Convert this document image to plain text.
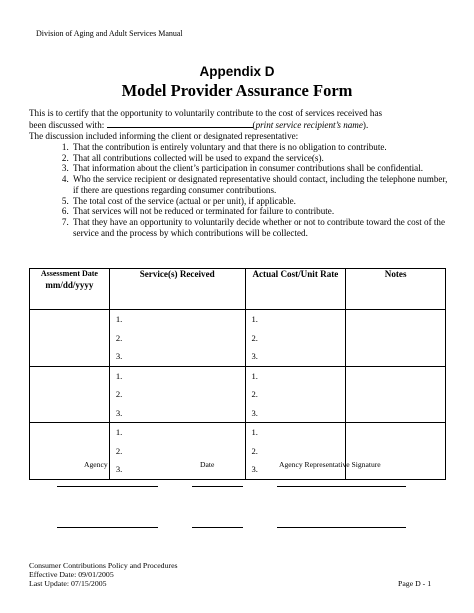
Division of Aging and Adult Services Manual
Appendix D
Model Provider Assurance Form
This is to certify that the opportunity to voluntarily contribute to the cost of services received has
been discussed with:	(print service recipient’s name).
The discussion included informing the client or designated representative:
1. That the contribution is entirely voluntary and that there is no obligation to contribute.
2. That all contributions collected will be used to expand the service(s).
3. That information about the client’s participation in consumer contributions shall be confidential.
4. Who the service recipient or designated representative should contact, including the telephone number, if there are questions regarding consumer contributions.
5. The total cost of the service (actual or per unit), if applicable.
6. That services will not be reduced or terminated for failure to contribute.
7. That they have an opportunity to voluntarily decide whether or not to contribute toward the cost of the service and the process by which contributions will be collected.
Assessment Date
mm/dd/yyyy	Service(s) Received	Actual Cost/Unit Rate	Notes

	1.
2.
3.	1.
2.
3.	

	1.
2.
3.	1.
2.
3.	

	1.
2.
3.	1.
2.
3.	

Agency	Date	Agency Representative Signature
Consumer Contributions Policy and Procedures
Effective Date: 09/01/2005
Last Update: 07/15/2005	Page D - 1
